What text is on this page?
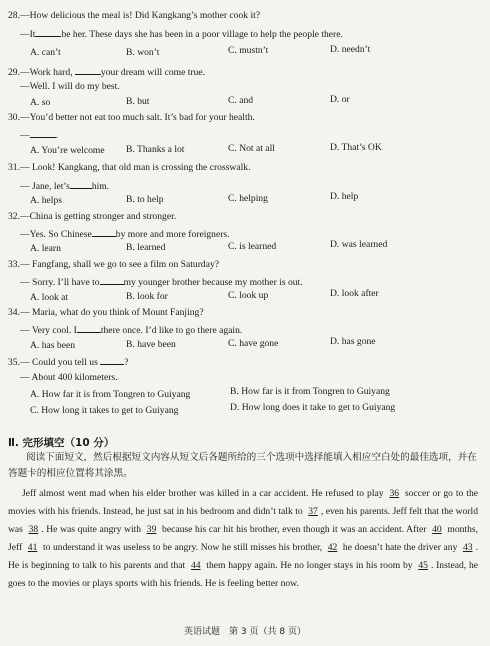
28.—How delicious the meal is! Did Kangkang’s mother cook it?
—It	be her. These days she has been in a poor village to help the people there.
A. can’t	B. won’t	C. mustn’t	D. needn’t
29.—Work hard,	your dream will come true.
—Well. I will do my best.
A. so	B. but	C. and	D. or
30.—You’d better not eat too much salt. It’s bad for your health.
—	.
A. You’re welcome B. Thanks a lot	C. Not at all	D. That’s OK
31.— Look! Kangkang, that old man is crossing the crosswalk.
— Jane, let’s him.
A. helps	B. to help	C. helping	D. help
32.—China is getting stronger and stronger.
—Yes. So Chinese	by more and more foreigners.
A. learn	B. learned	C. is learned	D. was learned
33.— Fangfang, shall we go to see a film on Saturday?
— Sorry. I’ll have to	my younger brother because my mother is out.
A. look at	B. look for	C. look up	D. look after
34.— Maria, what do you think of Mount Fanjing?
— Very cool. I	there once. I’d like to go there again.
A. has been	B. have been	C. have gone	D. has gone
35.— Could you tell us	?
— About 400 kilometers.
A. How far it is from Tongren to Guiyang	B. How far is it from Tongren to Guiyang
C. How long it takes to get to Guiyang	D. How long does it take to get to Guiyang
Ⅱ. 完形填空（10 分）
阅读下面短文，然后根据短文内容从短文后各题所给的三个选项中选择能填入相应空白处的最佳选项，并在答题卡的相应位置将其涂黑。
Jeff almost went mad when his elder brother was killed in a car accident. He refused to play 36 soccer or go to the movies with his friends. Instead, he just sat in his bedroom and didn’t talk to 37 , even his parents. Jeff felt that the world was 38 . He was quite angry with 39 because his car hit his brother, even though it was an accident. After 40 months, Jeff 41 to understand it was useless to be angry. Now he still misses his brother, 42 he doesn’t hate the driver any 43 . He is beginning to talk to his parents and that 44 them happy again. He no longer stays in his room by 45 . Instead, he goes to the movies or plays sports with his friends. He is feeling better now.
英语试题　第 3 页（共 8 页）
